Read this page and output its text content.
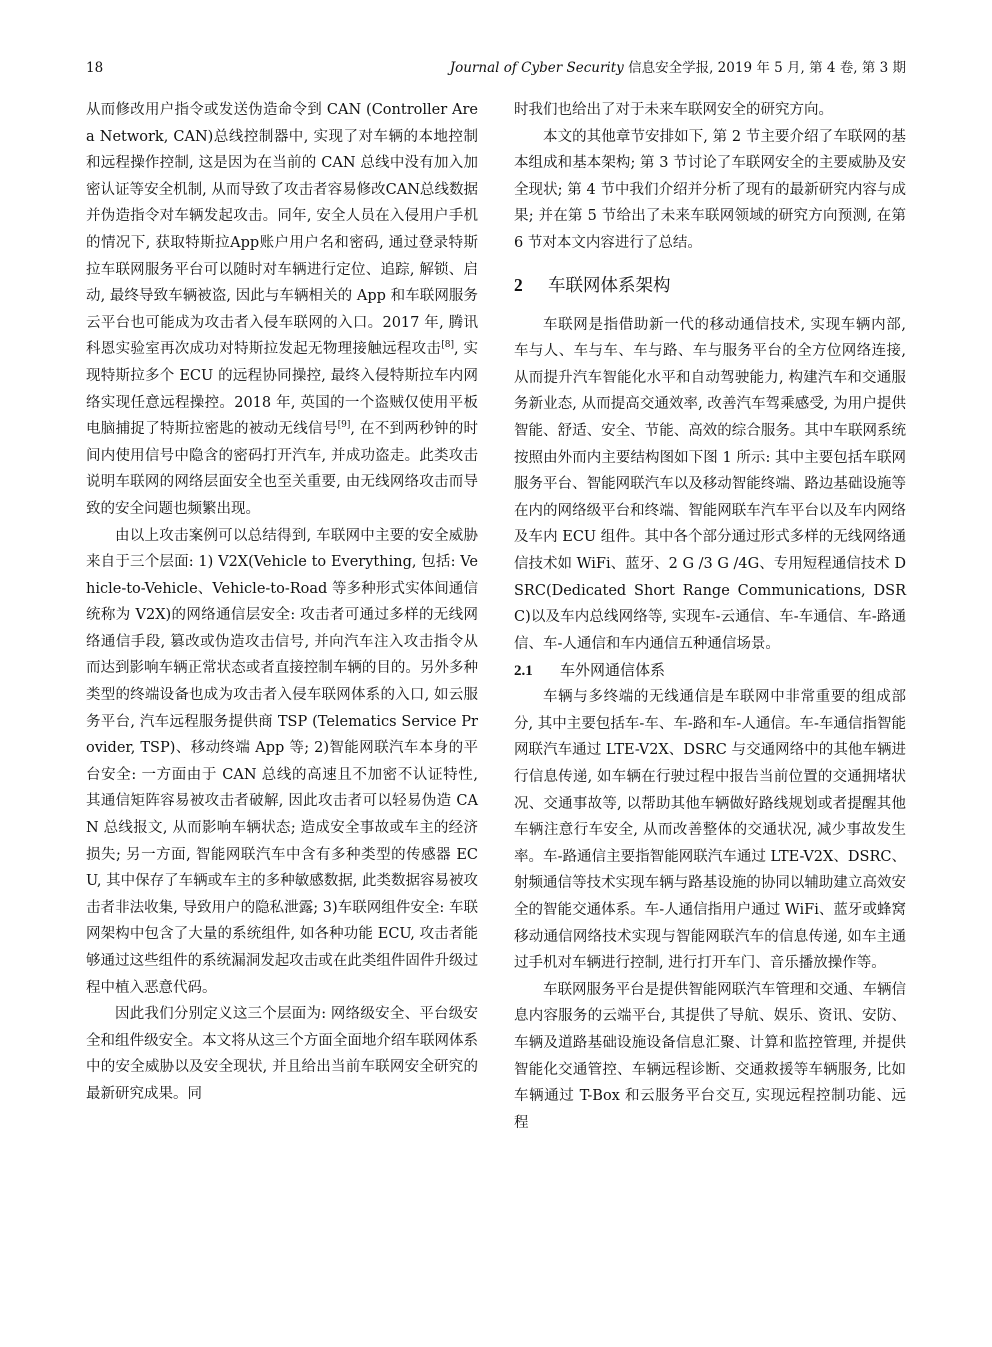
18	Journal of Cyber Security 信息安全学报, 2019 年 5 月, 第 4 卷, 第 3 期

从而修改用户指令或发送伪造命令到 CAN (Controller Area Network, CAN)总线控制器中, 实现了对车辆的本地控制和远程操作控制, 这是因为在当前的 CAN 总线中没有加入加密认证等安全机制, 从而导致了攻击者容易修改CAN总线数据并伪造指令对车辆发起攻击。同年, 安全人员在入侵用户手机的情况下, 获取特斯拉App账户用户名和密码, 通过登录特斯拉车联网服务平台可以随时对车辆进行定位、追踪, 解锁、启动, 最终导致车辆被盗, 因此与车辆相关的 App 和车联网服务云平台也可能成为攻击者入侵车联网的入口。2017 年, 腾讯科恩实验室再次成功对特斯拉发起无物理接触远程攻击[8], 实现特斯拉多个 ECU 的远程协同操控, 最终入侵特斯拉车内网络实现任意远程操控。2018 年, 英国的一个盗贼仅使用平板电脑捕捉了特斯拉密匙的被动无线信号[9], 在不到两秒钟的时间内使用信号中隐含的密码打开汽车, 并成功盗走。此类攻击说明车联网的网络层面安全也至关重要, 由无线网络攻击而导致的安全问题也频繁出现。

由以上攻击案例可以总结得到, 车联网中主要的安全威胁来自于三个层面: 1) V2X(Vehicle to Everything, 包括: Vehicle-to-Vehicle、Vehicle-to-Road 等多种形式实体间通信统称为 V2X)的网络通信层安全: 攻击者可通过多样的无线网络通信手段, 篡改或伪造攻击信号, 并向汽车注入攻击指令从而达到影响车辆正常状态或者直接控制车辆的目的。另外多种类型的终端设备也成为攻击者入侵车联网体系的入口, 如云服务平台, 汽车远程服务提供商 TSP (Telematics Service Provider, TSP)、移动终端 App 等; 2)智能网联汽车本身的平台安全: 一方面由于 CAN 总线的高速且不加密不认证特性, 其通信矩阵容易被攻击者破解, 因此攻击者可以轻易伪造 CAN 总线报文, 从而影响车辆状态; 造成安全事故或车主的经济损失; 另一方面, 智能网联汽车中含有多种类型的传感器 ECU, 其中保存了车辆或车主的多种敏感数据, 此类数据容易被攻击者非法收集, 导致用户的隐私泄露; 3)车联网组件安全: 车联网架构中包含了大量的系统组件, 如各种功能 ECU, 攻击者能够通过这些组件的系统漏洞发起攻击或在此类组件固件升级过程中植入恶意代码。

因此我们分别定义这三个层面为: 网络级安全、平台级安全和组件级安全。本文将从这三个方面全面地介绍车联网体系中的安全威胁以及安全现状, 并且给出当前车联网安全研究的最新研究成果。同

时我们也给出了对于未来车联网安全的研究方向。

本文的其他章节安排如下, 第 2 节主要介绍了车联网的基本组成和基本架构; 第 3 节讨论了车联网安全的主要威胁及安全现状; 第 4 节中我们介绍并分析了现有的最新研究内容与成果; 并在第 5 节给出了未来车联网领域的研究方向预测, 在第 6 节对本文内容进行了总结。

2 车联网体系架构

车联网是指借助新一代的移动通信技术, 实现车辆内部, 车与人、车与车、车与路、车与服务平台的全方位网络连接, 从而提升汽车智能化水平和自动驾驶能力, 构建汽车和交通服务新业态, 从而提高交通效率, 改善汽车驾乘感受, 为用户提供智能、舒适、安全、节能、高效的综合服务。其中车联网系统按照由外而内主要结构图如下图 1 所示: 其中主要包括车联网服务平台、智能网联汽车以及移动智能终端、路边基础设施等在内的网络级平台和终端、智能网联车汽车平台以及车内网络及车内 ECU 组件。其中各个部分通过形式多样的无线网络通信技术如 WiFi、蓝牙、2 G /3 G /4G、专用短程通信技术 DSRC(Dedicated Short Range Communications, DSRC)以及车内总线网络等, 实现车-云通信、车-车通信、车-路通信、车-人通信和车内通信五种通信场景。

2.1 车外网通信体系

车辆与多终端的无线通信是车联网中非常重要的组成部分, 其中主要包括车-车、车-路和车-人通信。车-车通信指智能网联汽车通过 LTE-V2X、DSRC 与交通网络中的其他车辆进行信息传递, 如车辆在行驶过程中报告当前位置的交通拥堵状况、交通事故等, 以帮助其他车辆做好路线规划或者提醒其他车辆注意行车安全, 从而改善整体的交通状况, 减少事故发生率。车-路通信主要指智能网联汽车通过 LTE-V2X、DSRC、射频通信等技术实现车辆与路基设施的协同以辅助建立高效安全的智能交通体系。车-人通信指用户通过 WiFi、蓝牙或蜂窝移动通信网络技术实现与智能网联汽车的信息传递, 如车主通过手机对车辆进行控制, 进行打开车门、音乐播放操作等。

车联网服务平台是提供智能网联汽车管理和交通、车辆信息内容服务的云端平台, 其提供了导航、娱乐、资讯、安防、车辆及道路基础设施设备信息汇聚、计算和监控管理, 并提供智能化交通管控、车辆远程诊断、交通救援等车辆服务, 比如车辆通过 T-Box 和云服务平台交互, 实现远程控制功能、远程
